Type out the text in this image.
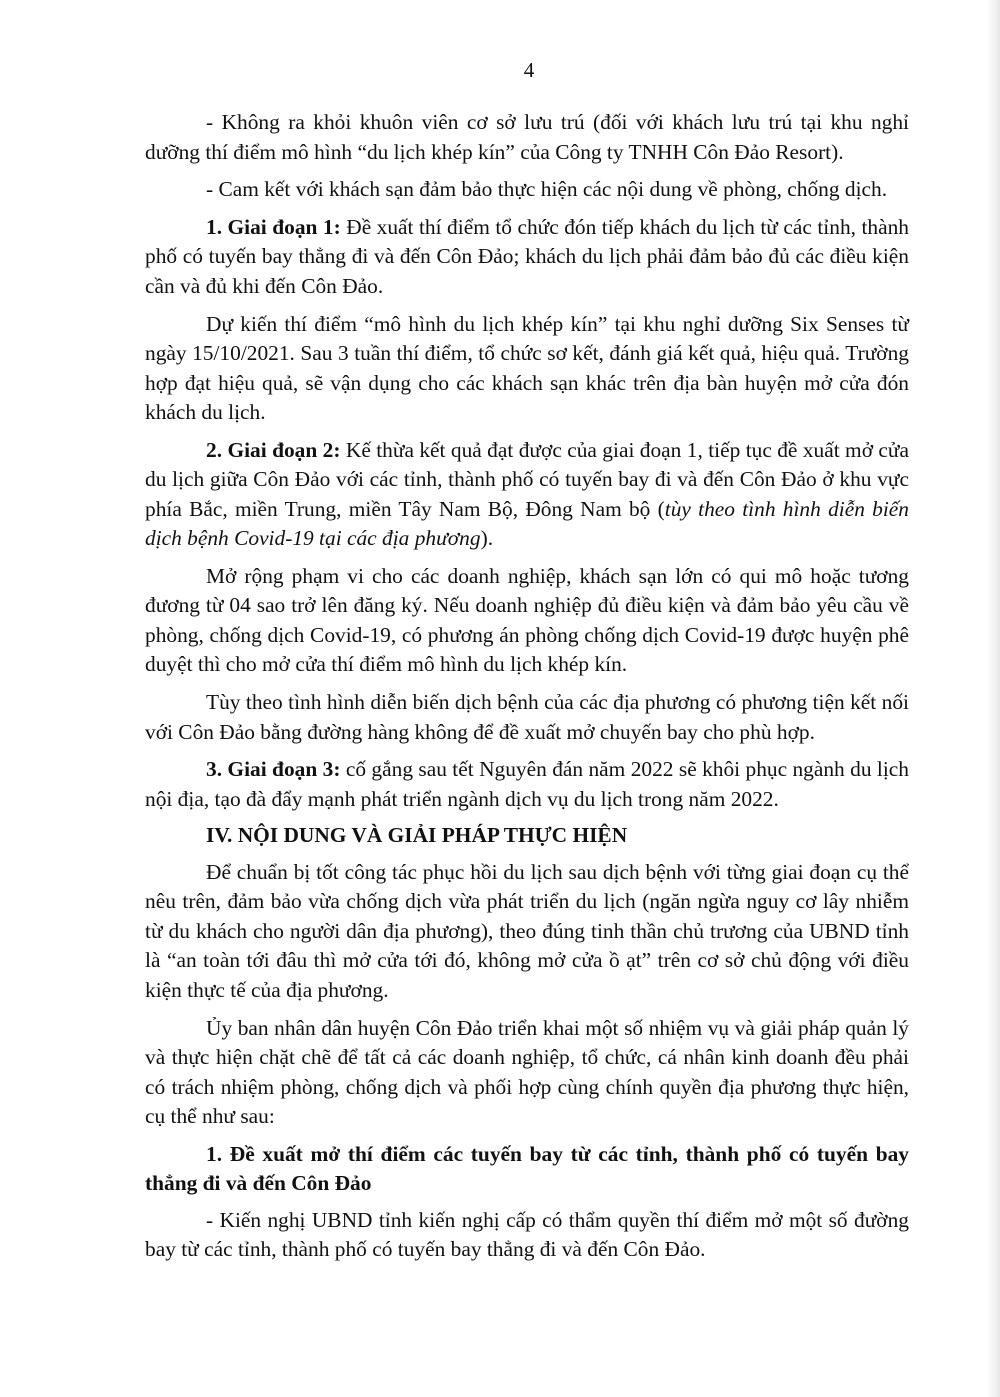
4

- Không ra khỏi khuôn viên cơ sở lưu trú (đối với khách lưu trú tại khu nghỉ dưỡng thí điểm mô hình “du lịch khép kín” của Công ty TNHH Côn Đảo Resort).

- Cam kết với khách sạn đảm bảo thực hiện các nội dung về phòng, chống dịch.

1. Giai đoạn 1: Đề xuất thí điểm tổ chức đón tiếp khách du lịch từ các tỉnh, thành phố có tuyến bay thẳng đi và đến Côn Đảo; khách du lịch phải đảm bảo đủ các điều kiện cần và đủ khi đến Côn Đảo.

Dự kiến thí điểm “mô hình du lịch khép kín” tại khu nghỉ dưỡng Six Senses từ ngày 15/10/2021. Sau 3 tuần thí điểm, tổ chức sơ kết, đánh giá kết quả, hiệu quả. Trường hợp đạt hiệu quả, sẽ vận dụng cho các khách sạn khác trên địa bàn huyện mở cửa đón khách du lịch.

2. Giai đoạn 2: Kế thừa kết quả đạt được của giai đoạn 1, tiếp tục đề xuất mở cửa du lịch giữa Côn Đảo với các tỉnh, thành phố có tuyến bay đi và đến Côn Đảo ở khu vực phía Bắc, miền Trung, miền Tây Nam Bộ, Đông Nam bộ (tùy theo tình hình diễn biến dịch bệnh Covid-19 tại các địa phương).

Mở rộng phạm vi cho các doanh nghiệp, khách sạn lớn có qui mô hoặc tương đương từ 04 sao trở lên đăng ký. Nếu doanh nghiệp đủ điều kiện và đảm bảo yêu cầu về phòng, chống dịch Covid-19, có phương án phòng chống dịch Covid-19 được huyện phê duyệt thì cho mở cửa thí điểm mô hình du lịch khép kín.

Tùy theo tình hình diễn biến dịch bệnh của các địa phương có phương tiện kết nối với Côn Đảo bằng đường hàng không để đề xuất mở chuyến bay cho phù hợp.

3. Giai đoạn 3: cố gắng sau tết Nguyên đán năm 2022 sẽ khôi phục ngành du lịch nội địa, tạo đà đẩy mạnh phát triển ngành dịch vụ du lịch trong năm 2022.

IV. NỘI DUNG VÀ GIẢI PHÁP THỰC HIỆN

Để chuẩn bị tốt công tác phục hồi du lịch sau dịch bệnh với từng giai đoạn cụ thể nêu trên, đảm bảo vừa chống dịch vừa phát triển du lịch (ngăn ngừa nguy cơ lây nhiễm từ du khách cho người dân địa phương), theo đúng tinh thần chủ trương của UBND tỉnh là “an toàn tới đâu thì mở cửa tới đó, không mở cửa ồ ạt” trên cơ sở chủ động với điều kiện thực tế của địa phương.

Ủy ban nhân dân huyện Côn Đảo triển khai một số nhiệm vụ và giải pháp quản lý và thực hiện chặt chẽ để tất cả các doanh nghiệp, tổ chức, cá nhân kinh doanh đều phải có trách nhiệm phòng, chống dịch và phối hợp cùng chính quyền địa phương thực hiện, cụ thể như sau:

1. Đề xuất mở thí điểm các tuyến bay từ các tỉnh, thành phố có tuyến bay thẳng đi và đến Côn Đảo

- Kiến nghị UBND tỉnh kiến nghị cấp có thẩm quyền thí điểm mở một số đường bay từ các tỉnh, thành phố có tuyến bay thẳng đi và đến Côn Đảo.
